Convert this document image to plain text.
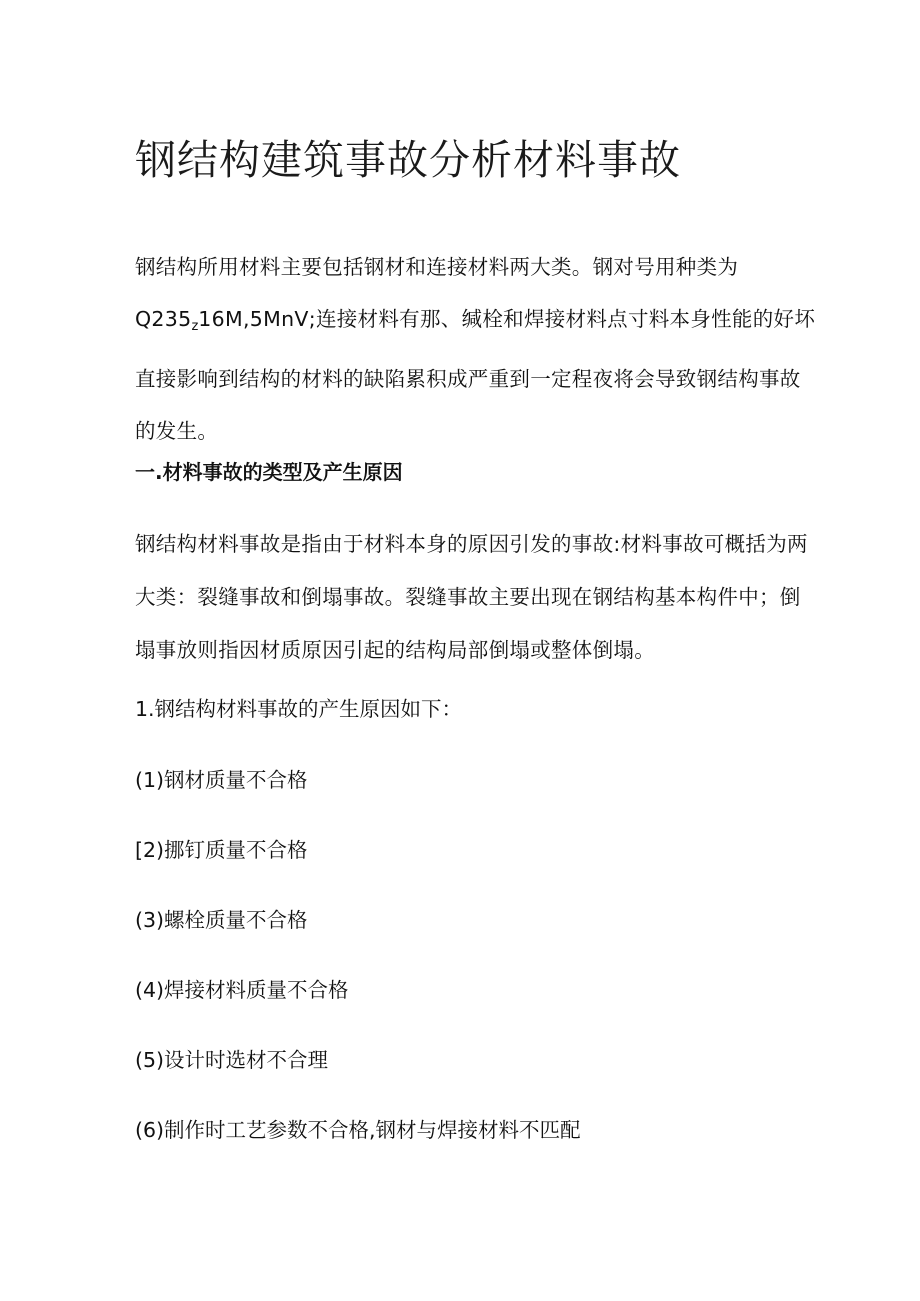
钢结构建筑事故分析材料事故
钢结构所用材料主要包括钢材和连接材料两大类。钢对号用种类为
$Q235_z16M,5MnV$;连接材料有那、缄栓和焊接材料点寸料本身性能的好坏
直接影响到结构的材料的缺陷累积成严重到一定程夜将会导致钢结构事故
的发生。
一.材料事故的类型及产生原因
钢结构材料事故是指由于材料本身的原因引发的事故:材料事故可概括为两
大类：裂缝事故和倒塌事故。裂缝事故主要出现在钢结构基本构件中；倒
塌事放则指因材质原因引起的结构局部倒塌或整体倒塌。
1.钢结构材料事故的产生原因如下：
(1)钢材质量不合格
[2)挪钉质量不合格
(3)螺栓质量不合格
(4)焊接材料质量不合格
(5)设计时选材不合理
(6)制作时工艺参数不合格,钢材与焊接材料不匹配
